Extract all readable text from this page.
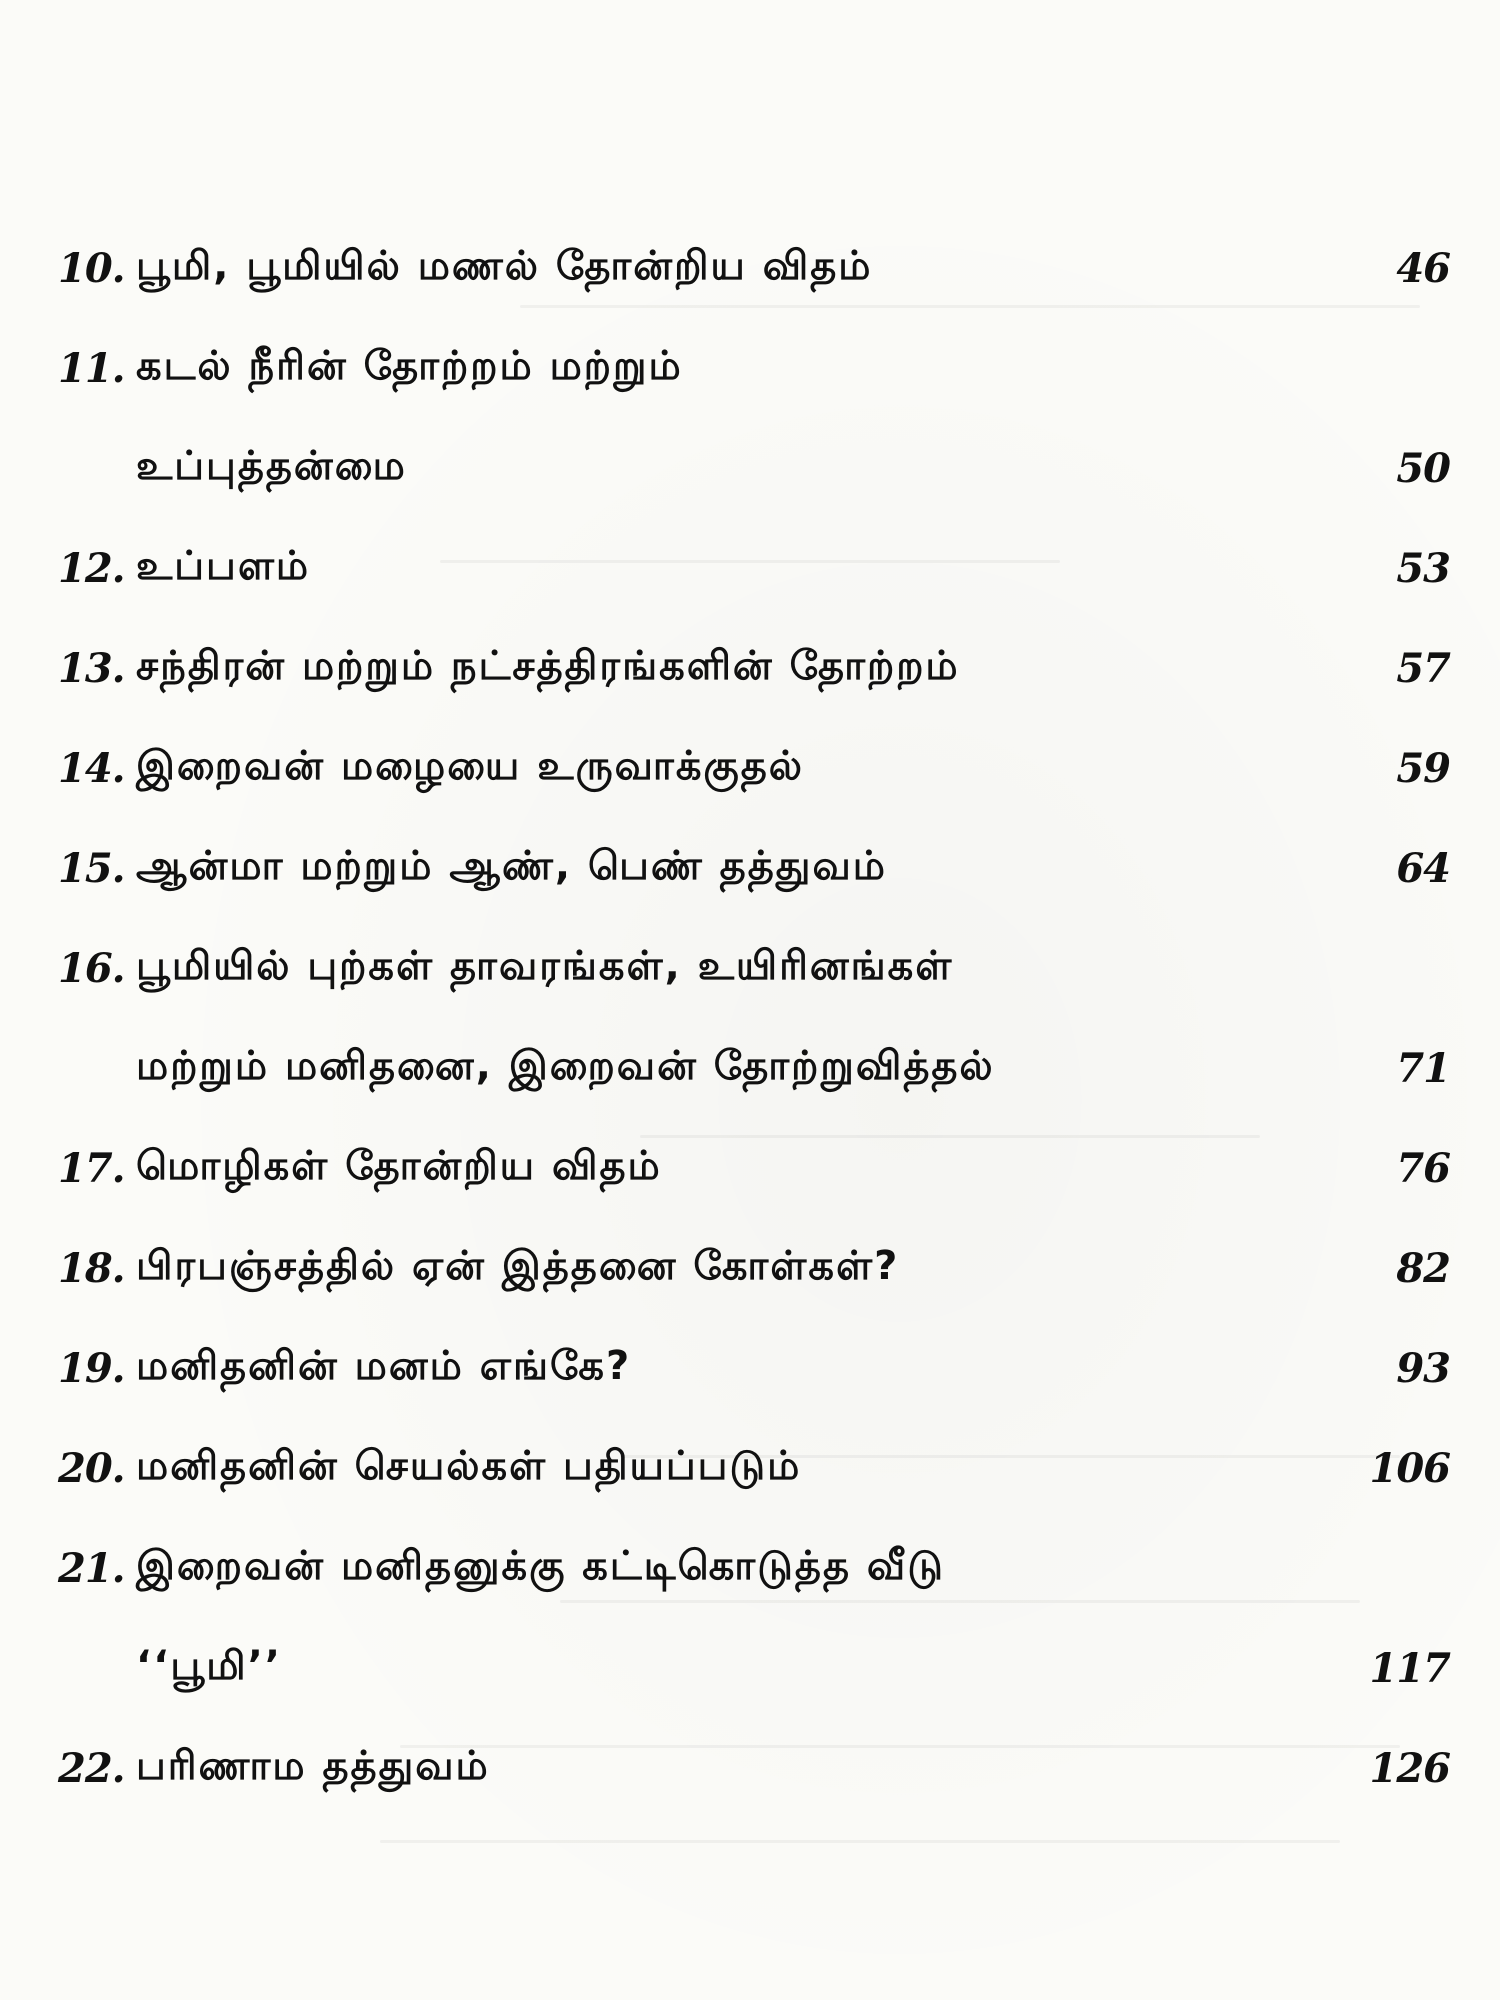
10. பூமி, பூமியில் மணல் தோன்றிய விதம்	46
11. கடல் நீரின் தோற்றம் மற்றும்
உப்புத்தன்மை	50
12. உப்பளம்	53
13. சந்திரன் மற்றும் நட்சத்திரங்களின் தோற்றம்	57
14. இறைவன் மழையை உருவாக்குதல்	59
15. ஆன்மா மற்றும் ஆண், பெண் தத்துவம்	64
16. பூமியில் புற்கள் தாவரங்கள், உயிரினங்கள்
மற்றும் மனிதனை, இறைவன் தோற்றுவித்தல்	71
17. மொழிகள் தோன்றிய விதம்	76
18. பிரபஞ்சத்தில் ஏன் இத்தனை கோள்கள்?	82
19. மனிதனின் மனம் எங்கே?	93
20. மனிதனின் செயல்கள் பதியப்படும்	106
21. இறைவன் மனிதனுக்கு கட்டிகொடுத்த வீடு
‘‘பூமி’’	117
22. பரிணாம தத்துவம்	126
